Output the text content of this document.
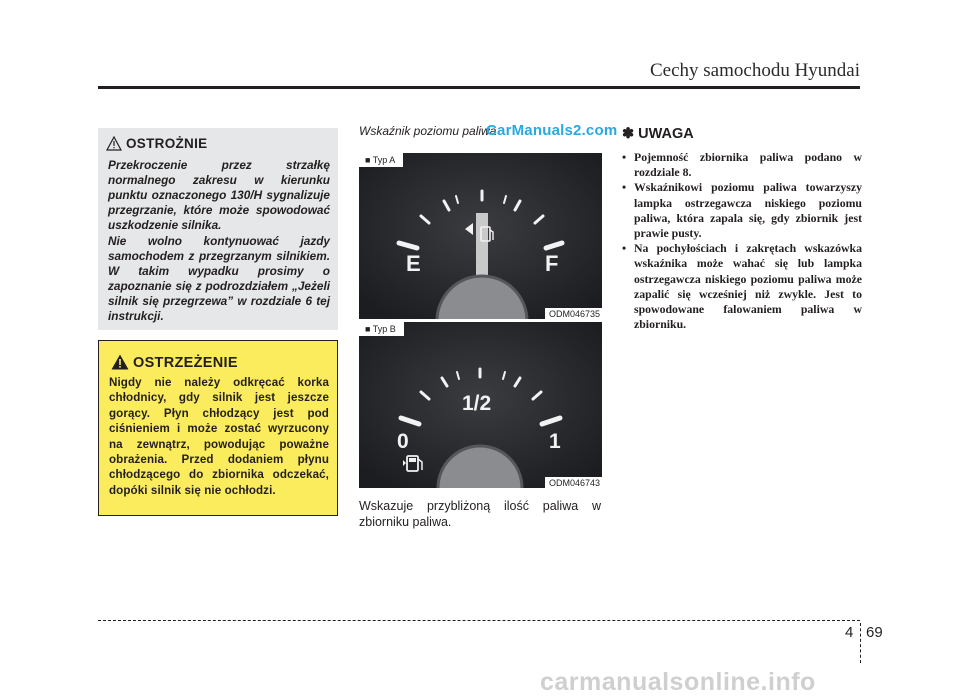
Cechy samochodu Hyundai
OSTROŻNIE

Przekroczenie przez strzałkę normalnego zakresu w kierunku punktu oznaczonego 130/H sygnalizuje przegrzanie, które może spowodować uszkodzenie silnika.

Nie wolno kontynuować jazdy samochodem z przegrzanym silnikiem. W takim wypadku prosimy o zapoznanie się z podrozdziałem „Jeżeli silnik się przegrzewa” w rozdziale 6 tej instrukcji.

OSTRZEŻENIE

Nigdy nie należy odkręcać korka chłodnicy, gdy silnik jest jeszcze gorący. Płyn chłodzący jest pod ciśnieniem i może zostać wyrzucony na zewnątrz, powodując poważne obrażenia. Przed dodaniem płynu chłodzącego do zbiornika odczekać, dopóki silnik się nie ochłodzi.

Wskaźnik poziomu paliwa
CarManuals2.com
E	F
■ Typ A
ODM046735
1/2
0	1
■ Typ B
ODM046743
Wskazuje przybliżoną ilość paliwa w zbiorniku paliwa.
✽ UWAGA
• Pojemność zbiornika paliwa podano w rozdziale 8.
• Wskaźnikowi poziomu paliwa towarzyszy lampka ostrzegawcza niskiego poziomu paliwa, która zapala się, gdy zbiornik jest prawie pusty.
• Na pochyłościach i zakrętach wskazówka wskaźnika może wahać się lub lampka ostrzegawcza niskiego poziomu paliwa może zapalić się wcześniej niż zwykle. Jest to spowodowane falowaniem paliwa w zbiorniku.
4 69
carmanualsonline.info
